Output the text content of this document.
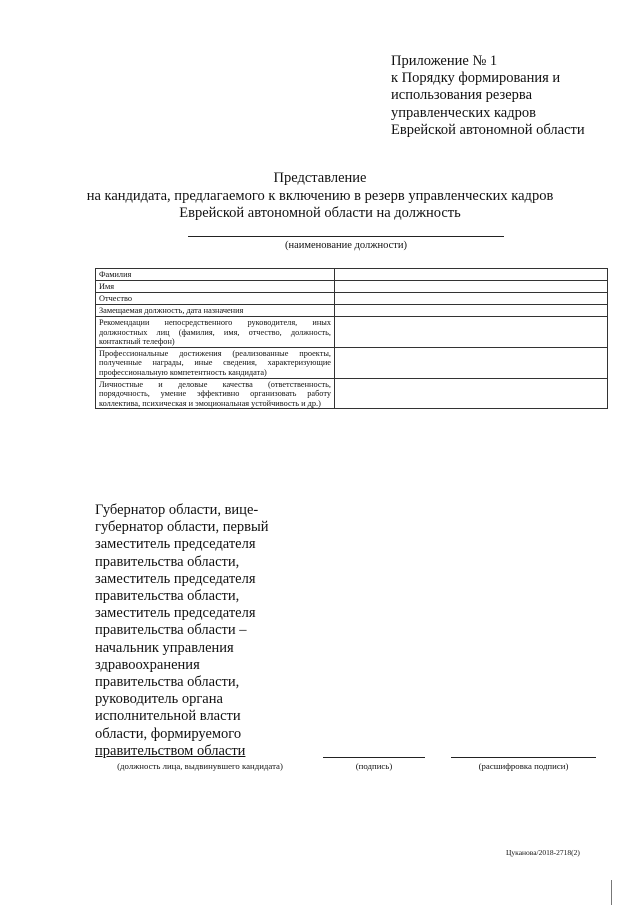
Приложение № 1
к Порядку формирования и
использования резерва
управленческих кадров
Еврейской автономной области
Представление
на кандидата, предлагаемого к включению в резерв управленческих кадров
Еврейской автономной области на должность
(наименование должности)
Фамилия	
Имя	
Отчество	
Замещаемая должность, дата назначения	
Рекомендации непосредственного руководителя, иных должностных лиц (фамилия, имя, отчество, должность, контактный телефон)	
Профессиональные достижения (реализованные проекты, полученные награды, иные сведения, характеризующие профессиональную компетентность кандидата)	
Личностные и деловые качества (ответственность, порядочность, умение эффективно организовать работу коллектива, психическая и эмоциональная устойчивость и др.)	
Губернатор области, вице-
губернатор области, первый
заместитель председателя
правительства области,
заместитель председателя
правительства области,
заместитель председателя
правительства области –
начальник управления
здравоохранения
правительства области,
руководитель органа
исполнительной власти
области, формируемого
правительством области
(должность лица, выдвинувшего кандидата)	(подпись)	(расшифровка подписи)
Цуканова/2018-2718(2)
